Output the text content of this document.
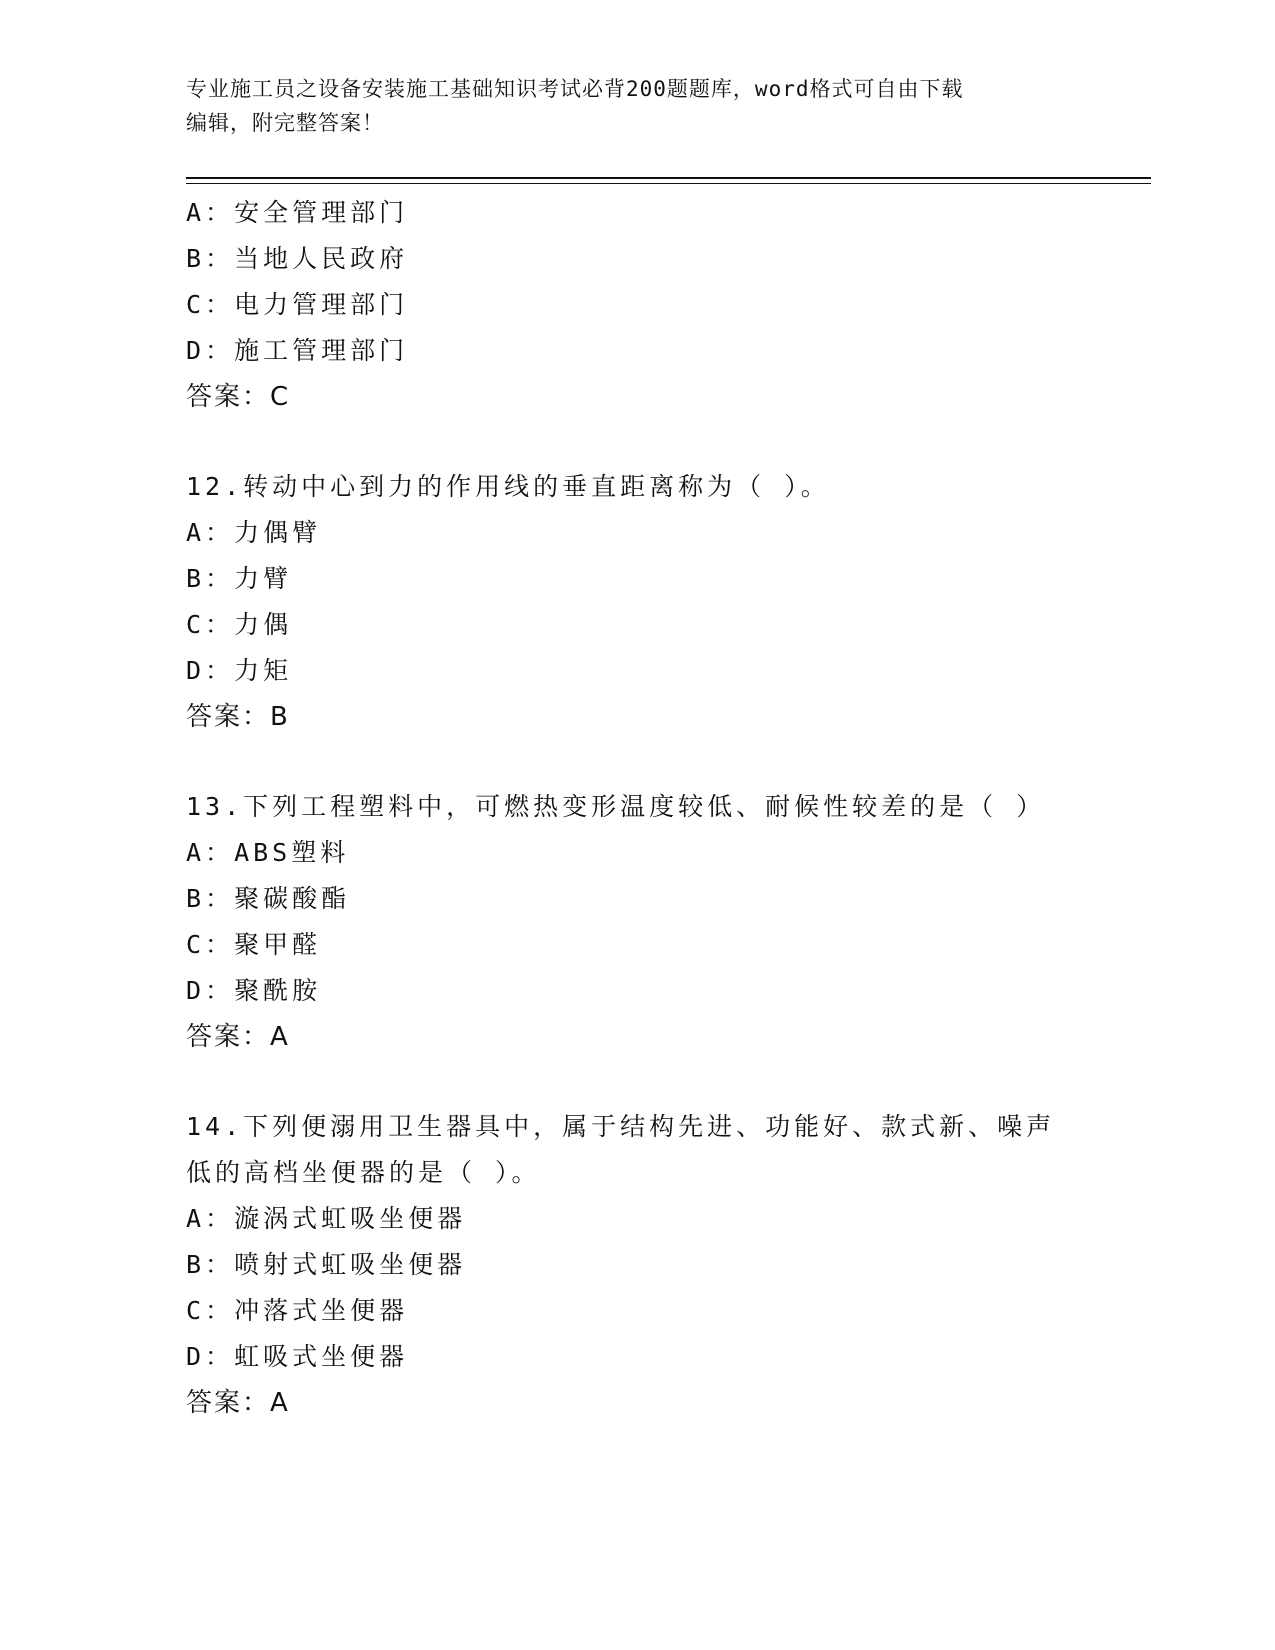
专业施工员之设备安装施工基础知识考试必背200题题库，word格式可自由下载
编辑，附完整答案！
A：安全管理部门
B：当地人民政府
C：电力管理部门
D：施工管理部门
答案：C
12.转动中心到力的作用线的垂直距离称为（ ）。
A：力偶臂
B：力臂
C：力偶
D：力矩
答案：B
13.下列工程塑料中，可燃热变形温度较低、耐候性较差的是（ ）
A：ABS塑料
B：聚碳酸酯
C：聚甲醛
D：聚酰胺
答案：A
14.下列便溺用卫生器具中，属于结构先进、功能好、款式新、噪声低的高档坐便器的是（ ）。
A：漩涡式虹吸坐便器
B：喷射式虹吸坐便器
C：冲落式坐便器
D：虹吸式坐便器
答案：A
